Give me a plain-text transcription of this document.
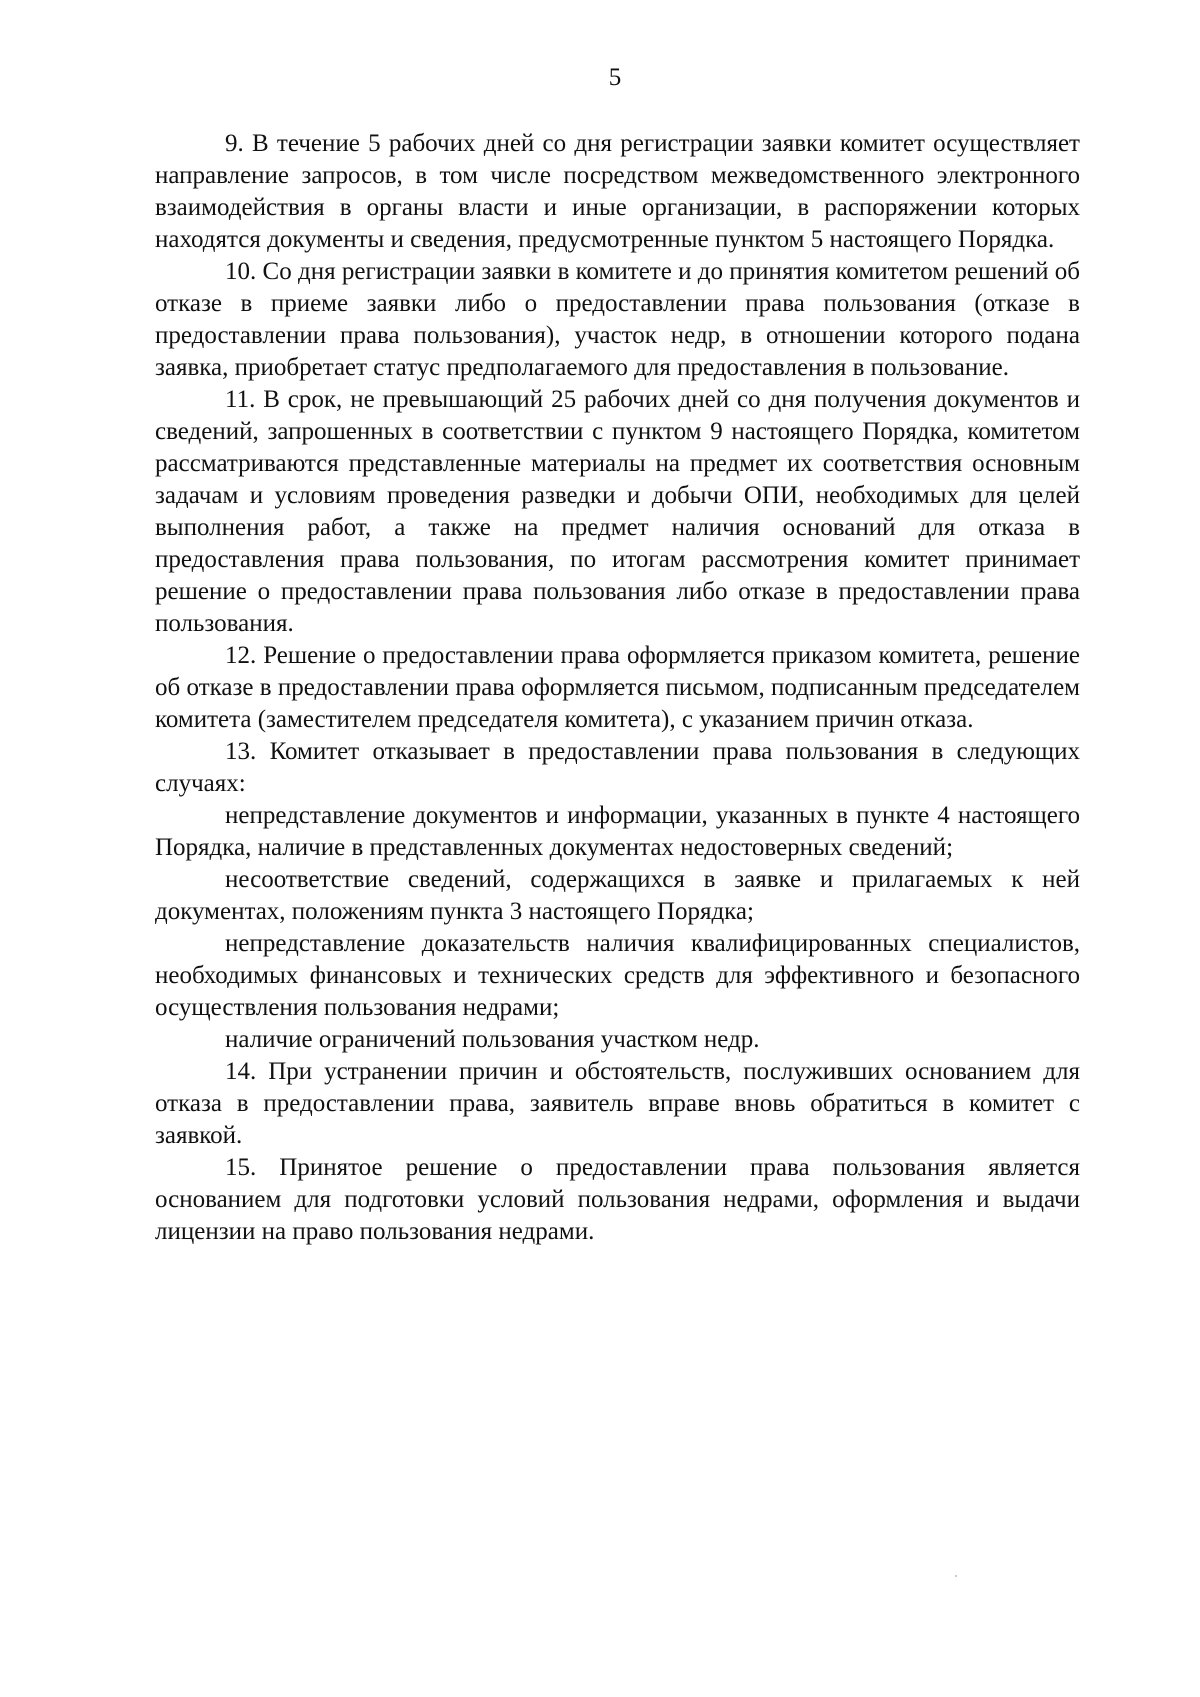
5

9. В течение 5 рабочих дней со дня регистрации заявки комитет осуществляет направление запросов, в том числе посредством межведомственного электронного взаимодействия в органы власти и иные организации, в распоряжении которых находятся документы и сведения, предусмотренные пунктом 5 настоящего Порядка.

10. Со дня регистрации заявки в комитете и до принятия комитетом решений об отказе в приеме заявки либо о предоставлении права пользования (отказе в предоставлении права пользования), участок недр, в отношении которого подана заявка, приобретает статус предполагаемого для предоставления в пользование.

11. В срок, не превышающий 25 рабочих дней со дня получения документов и сведений, запрошенных в соответствии с пунктом 9 настоящего Порядка, комитетом рассматриваются представленные материалы на предмет их соответствия основным задачам и условиям проведения разведки и добычи ОПИ, необходимых для целей выполнения работ, а также на предмет наличия оснований для отказа в предоставления права пользования, по итогам рассмотрения комитет принимает решение о предоставлении права пользования либо отказе в предоставлении права пользования.

12. Решение о предоставлении права оформляется приказом комитета, решение об отказе в предоставлении права оформляется письмом, подписанным председателем комитета (заместителем председателя комитета), с указанием причин отказа.

13. Комитет отказывает в предоставлении права пользования в следующих случаях:

непредставление документов и информации, указанных в пункте 4 настоящего Порядка, наличие в представленных документах недостоверных сведений;

несоответствие сведений, содержащихся в заявке и прилагаемых к ней документах, положениям пункта 3 настоящего Порядка;

непредставление доказательств наличия квалифицированных специалистов, необходимых финансовых и технических средств для эффективного и безопасного осуществления пользования недрами;

наличие ограничений пользования участком недр.

14. При устранении причин и обстоятельств, послуживших основанием для отказа в предоставлении права, заявитель вправе вновь обратиться в комитет с заявкой.

15. Принятое решение о предоставлении права пользования является основанием для подготовки условий пользования недрами, оформления и выдачи лицензии на право пользования недрами.
